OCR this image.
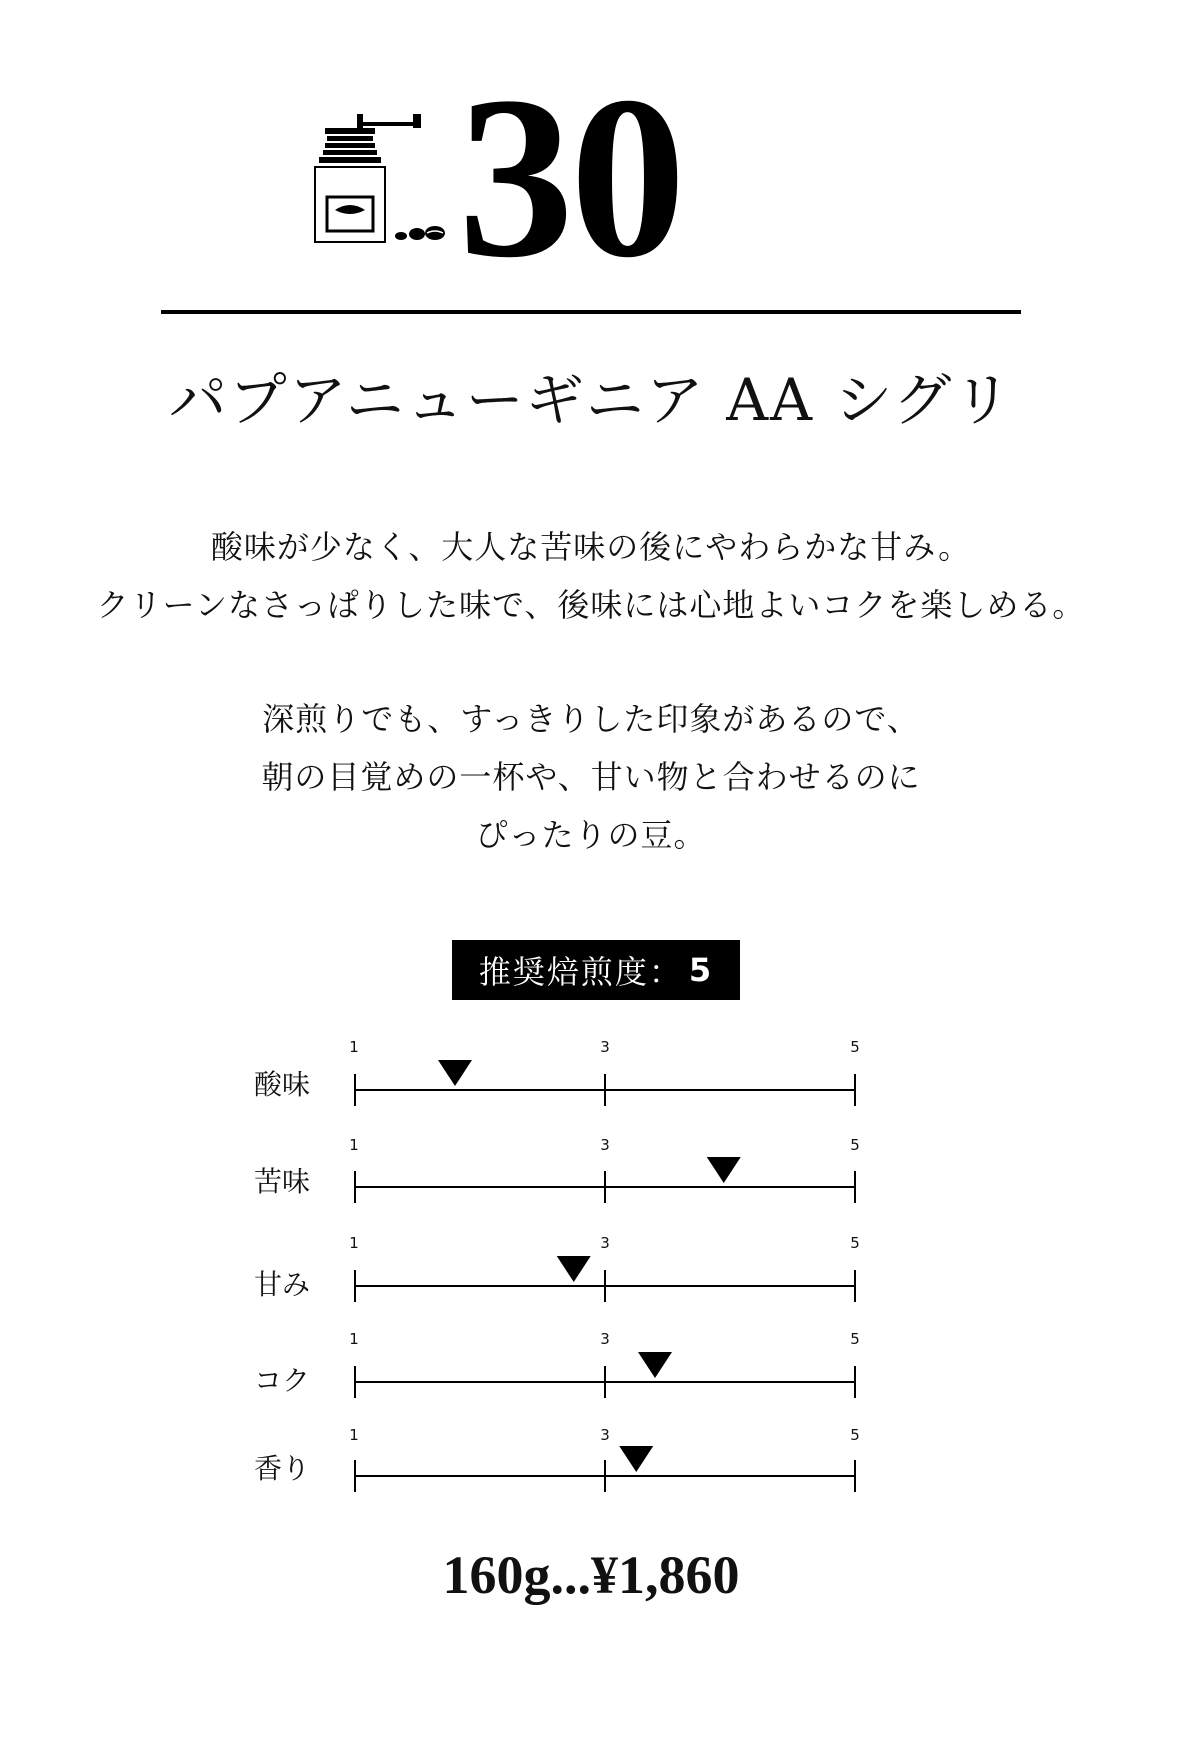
30
パプアニューギニア AA シグリ
酸味が少なく、大人な苦味の後にやわらかな甘み。
クリーンなさっぱりした味で、後味には心地よいコクを楽しめる。
深煎りでも、すっきりした印象があるので、
朝の目覚めの一杯や、甘い物と合わせるのに
ぴったりの豆。
推奨焙煎度： 5
酸味
苦味
甘み
コク
香り
1	3	5
1	3	5
1	3	5
1	3	5
1	3	5
160g...¥1,860
